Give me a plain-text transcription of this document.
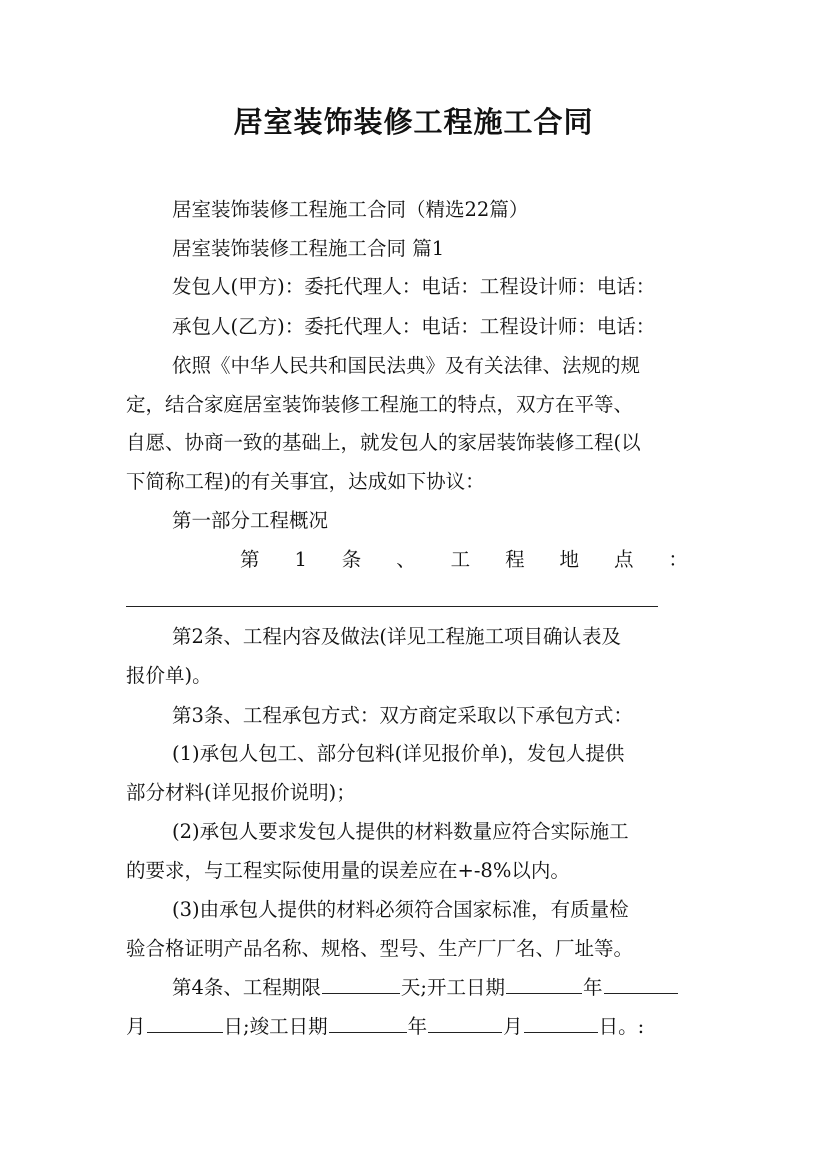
居室装饰装修工程施工合同
居室装饰装修工程施工合同（精选22篇）
居室装饰装修工程施工合同 篇1
发包人(甲方)：委托代理人：电话：工程设计师：电话：
承包人(乙方)：委托代理人：电话：工程设计师：电话：
依照《中华人民共和国民法典》及有关法律、法规的规
定，结合家庭居室装饰装修工程施工的特点，双方在平等、
自愿、协商一致的基础上，就发包人的家居装饰装修工程(以
下简称工程)的有关事宜，达成如下协议：
第一部分工程概况
第 1 条 、 工 程 地 点 ：
第2条、工程内容及做法(详见工程施工项目确认表及
报价单)。
第3条、工程承包方式：双方商定采取以下承包方式：
(1)承包人包工、部分包料(详见报价单)，发包人提供
部分材料(详见报价说明)；
(2)承包人要求发包人提供的材料数量应符合实际施工
的要求，与工程实际使用量的误差应在+-8%以内。
(3)由承包人提供的材料必须符合国家标准，有质量检
验合格证明产品名称、规格、型号、生产厂厂名、厂址等。
第4条、工程期限	天;开工日期	年
月	日;竣工日期	年	月	日。:
